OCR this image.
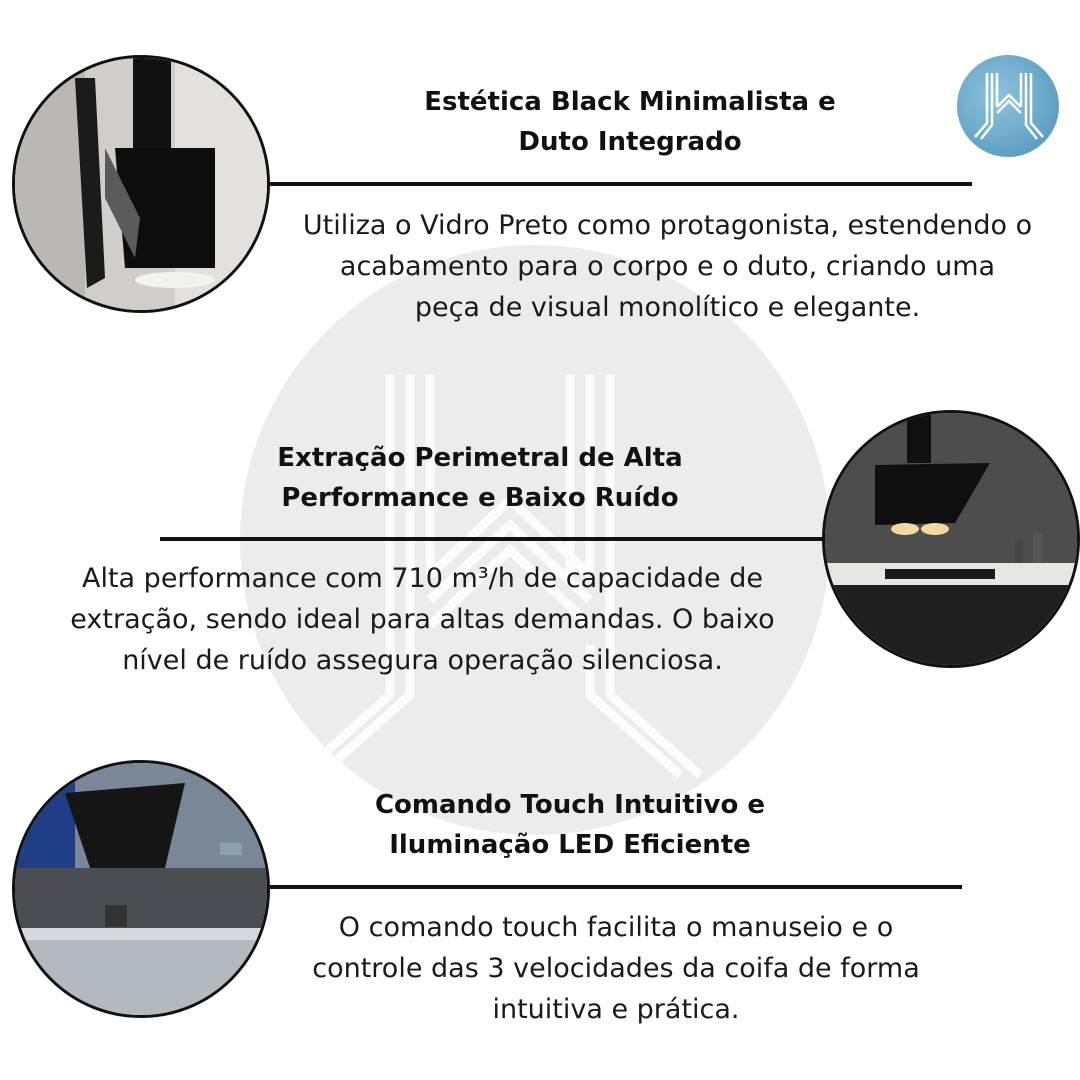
Estética Black Minimalista e
Duto Integrado
Utiliza o Vidro Preto como protagonista, estendendo o
acabamento para o corpo e o duto, criando uma
peça de visual monolítico e elegante.
Extração Perimetral de Alta
Performance e Baixo Ruído
Alta performance com 710 m³/h de capacidade de
extração, sendo ideal para altas demandas. O baixo
nível de ruído assegura operação silenciosa.
Comando Touch Intuitivo e
Iluminação LED Eficiente
O comando touch facilita o manuseio e o
controle das 3 velocidades da coifa de forma
intuitiva e prática.
